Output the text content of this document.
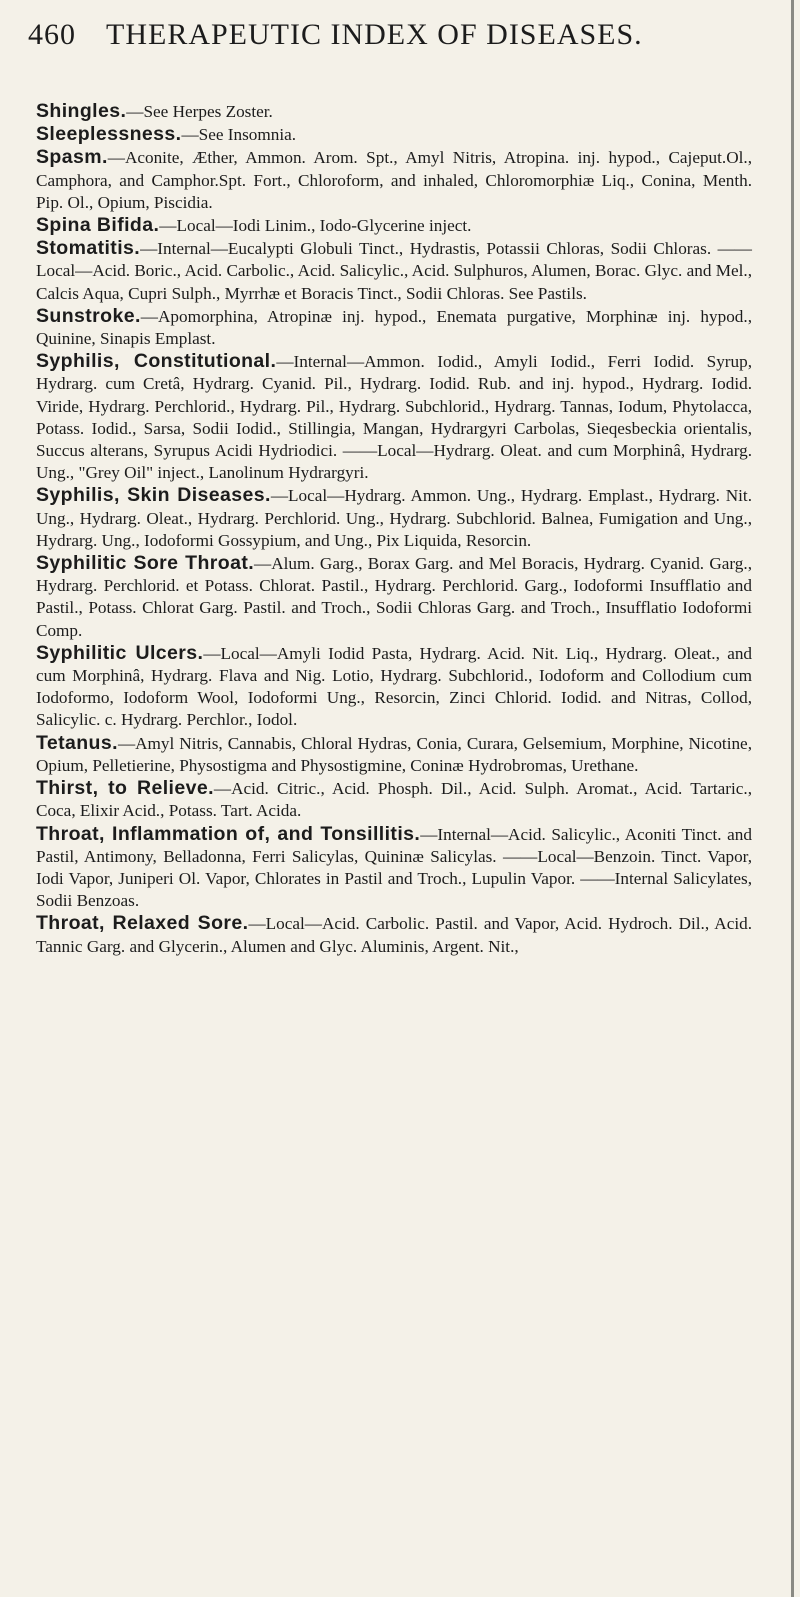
460 THERAPEUTIC INDEX OF DISEASES.

Shingles.—See Herpes Zoster.

Sleeplessness.—See Insomnia.

Spasm.—Aconite, Æther, Ammon. Arom. Spt., Amyl Nitris, Atropina. inj. hypod., Cajeput.Ol., Camphora, and Camphor.Spt. Fort., Chloroform, and inhaled, Chloromorphiæ Liq., Conina, Menth. Pip. Ol., Opium, Piscidia.

Spina Bifida.—Local—Iodi Linim., Iodo-Glycerine inject.

Stomatitis.—Internal—Eucalypti Globuli Tinct., Hydrastis, Potassii Chloras, Sodii Chloras. ——Local—Acid. Boric., Acid. Carbolic., Acid. Salicylic., Acid. Sulphuros, Alumen, Borac. Glyc. and Mel., Calcis Aqua, Cupri Sulph., Myrrhæ et Boracis Tinct., Sodii Chloras. See Pastils.

Sunstroke.—Apomorphina, Atropinæ inj. hypod., Enemata purgative, Morphinæ inj. hypod., Quinine, Sinapis Emplast.

Syphilis, Constitutional.—Internal—Ammon. Iodid., Amyli Iodid., Ferri Iodid. Syrup, Hydrarg. cum Cretâ, Hydrarg. Cyanid. Pil., Hydrarg. Iodid. Rub. and inj. hypod., Hydrarg. Iodid. Viride, Hydrarg. Perchlorid., Hydrarg. Pil., Hydrarg. Subchlorid., Hydrarg. Tannas, Iodum, Phytolacca, Potass. Iodid., Sarsa, Sodii Iodid., Stillingia, Mangan, Hydrargyri Carbolas, Sieqesbeckia orientalis, Succus alterans, Syrupus Acidi Hydriodici. ——Local—Hydrarg. Oleat. and cum Morphinâ, Hydrarg. Ung., "Grey Oil" inject., Lanolinum Hydrargyri.

Syphilis, Skin Diseases.—Local—Hydrarg. Ammon. Ung., Hydrarg. Emplast., Hydrarg. Nit. Ung., Hydrarg. Oleat., Hydrarg. Perchlorid. Ung., Hydrarg. Subchlorid. Balnea, Fumigation and Ung., Hydrarg. Ung., Iodoformi Gossypium, and Ung., Pix Liquida, Resorcin.

Syphilitic Sore Throat.—Alum. Garg., Borax Garg. and Mel Boracis, Hydrarg. Cyanid. Garg., Hydrarg. Perchlorid. et Potass. Chlorat. Pastil., Hydrarg. Perchlorid. Garg., Iodoformi Insufflatio and Pastil., Potass. Chlorat Garg. Pastil. and Troch., Sodii Chloras Garg. and Troch., Insufflatio Iodoformi Comp.

Syphilitic Ulcers.—Local—Amyli Iodid Pasta, Hydrarg. Acid. Nit. Liq., Hydrarg. Oleat., and cum Morphinâ, Hydrarg. Flava and Nig. Lotio, Hydrarg. Subchlorid., Iodoform and Collodium cum Iodoformo, Iodoform Wool, Iodoformi Ung., Resorcin, Zinci Chlorid. Iodid. and Nitras, Collod, Salicylic. c. Hydrarg. Perchlor., Iodol.

Tetanus.—Amyl Nitris, Cannabis, Chloral Hydras, Conia, Curara, Gelsemium, Morphine, Nicotine, Opium, Pelletierine, Physostigma and Physostigmine, Coninæ Hydrobromas, Urethane.

Thirst, to Relieve.—Acid. Citric., Acid. Phosph. Dil., Acid. Sulph. Aromat., Acid. Tartaric., Coca, Elixir Acid., Potass. Tart. Acida.

Throat, Inflammation of, and Tonsillitis.—Internal—Acid. Salicylic., Aconiti Tinct. and Pastil, Antimony, Belladonna, Ferri Salicylas, Quininæ Salicylas. ——Local—Benzoin. Tinct. Vapor, Iodi Vapor, Juniperi Ol. Vapor, Chlorates in Pastil and Troch., Lupulin Vapor. ——Internal Salicylates, Sodii Benzoas.

Throat, Relaxed Sore.—Local—Acid. Carbolic. Pastil. and Vapor, Acid. Hydroch. Dil., Acid. Tannic Garg. and Glycerin., Alumen and Glyc. Aluminis, Argent. Nit.,
